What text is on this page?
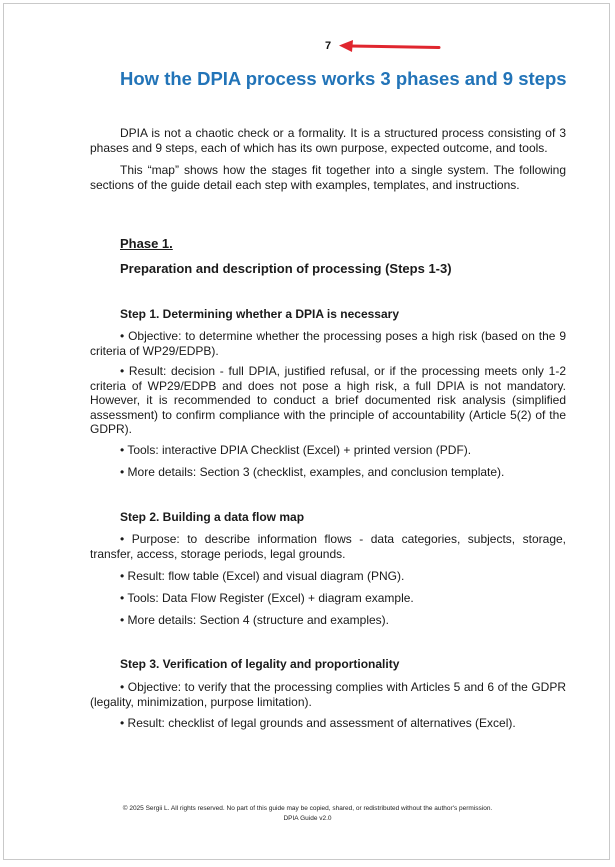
7
How the DPIA process works 3 phases and 9 steps

DPIA is not a chaotic check or a formality. It is a structured process consisting of 3 phases and 9 steps, each of which has its own purpose, expected outcome, and tools.

This “map” shows how the stages fit together into a single system. The following sections of the guide detail each step with examples, templates, and instructions.

Phase 1.
Preparation and description of processing (Steps 1-3)
Step 1. Determining whether a DPIA is necessary

• Objective: to determine whether the processing poses a high risk (based on the 9 criteria of WP29/EDPB).

• Result: decision - full DPIA, justified refusal, or if the processing meets only 1-2 criteria of WP29/EDPB and does not pose a high risk, a full DPIA is not mandatory. However, it is recommended to conduct a brief documented risk analysis (simplified assessment) to confirm compliance with the principle of accountability (Article 5(2) of the GDPR).

• Tools: interactive DPIA Checklist (Excel) + printed version (PDF).

• More details: Section 3 (checklist, examples, and conclusion template).

Step 2. Building a data flow map

• Purpose: to describe information flows - data categories, subjects, storage, transfer, access, storage periods, legal grounds.

• Result: flow table (Excel) and visual diagram (PNG).

• Tools: Data Flow Register (Excel) + diagram example.

• More details: Section 4 (structure and examples).

Step 3. Verification of legality and proportionality

• Objective: to verify that the processing complies with Articles 5 and 6 of the GDPR (legality, minimization, purpose limitation).

• Result: checklist of legal grounds and assessment of alternatives (Excel).

© 2025 Sergii L. All rights reserved. No part of this guide may be copied, shared, or redistributed without the author's permission.
DPIA Guide v2.0
